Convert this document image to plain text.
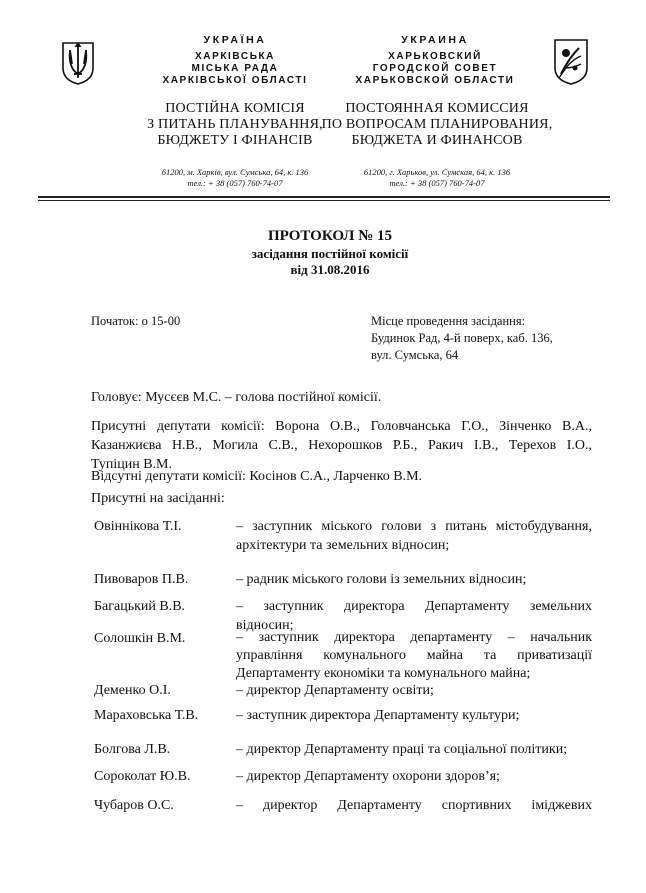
УКРАЇНА
ХАРКІВСЬКА
МІСЬКА РАДА
ХАРКІВСЬКОЇ ОБЛАСТІ
ПОСТІЙНА КОМІСІЯ
З ПИТАНЬ ПЛАНУВАННЯ,
БЮДЖЕТУ І ФІНАНСІВ
61200, м. Харків, вул. Сумська, 64, к. 136
тел.: + 38 (057) 760-74-07
УКРАИНА
ХАРЬКОВСКИЙ
ГОРОДСКОЙ СОВЕТ
ХАРЬКОВСКОЙ ОБЛАСТИ
ПОСТОЯННАЯ КОМИССИЯ
ПО ВОПРОСАМ ПЛАНИРОВАНИЯ,
БЮДЖЕТА И ФИНАНСОВ
61200, г. Харьков, ул. Сумская, 64, к. 136
тел.: + 38 (057) 760-74-07
ПРОТОКОЛ № 15
засідання постійної комісії
від 31.08.2016
Початок: о 15-00	Місце проведення засідання:
Будинок Рад, 4-й поверх, каб. 136,
вул. Сумська, 64
Головує: Мусєєв М.С. – голова постійної комісії.
Присутні депутати комісії: Ворона О.В., Головчанська Г.О., Зінченко В.А.,
Казанжиєва Н.В., Могила С.В., Нехорошков Р.Б., Ракич І.В., Терехов І.О.,
Тупіцин В.М.
Відсутні депутати комісії: Косінов С.А., Ларченко В.М.
Присутні на засіданні:
Овіннікова Т.І.	– заступник міського голови з питань містобудування,
архітектури та земельних відносин;
Пивоваров П.В.	– радник міського голови із земельних відносин;
Багацький В.В.	– заступник директора Департаменту земельних
відносин;
Солошкін В.М.	– заступник директора департаменту – начальник
управління комунального майна та приватизації
Департаменту економіки та комунального майна;
Деменко О.І.	– директор Департаменту освіти;
Мараховська Т.В.	– заступник директора Департаменту культури;
Болгова Л.В.	– директор Департаменту праці та соціальної політики;
Сороколат Ю.В.	– директор Департаменту охорони здоров’я;
Чубаров О.С.	– директор Департаменту спортивних іміджевих
